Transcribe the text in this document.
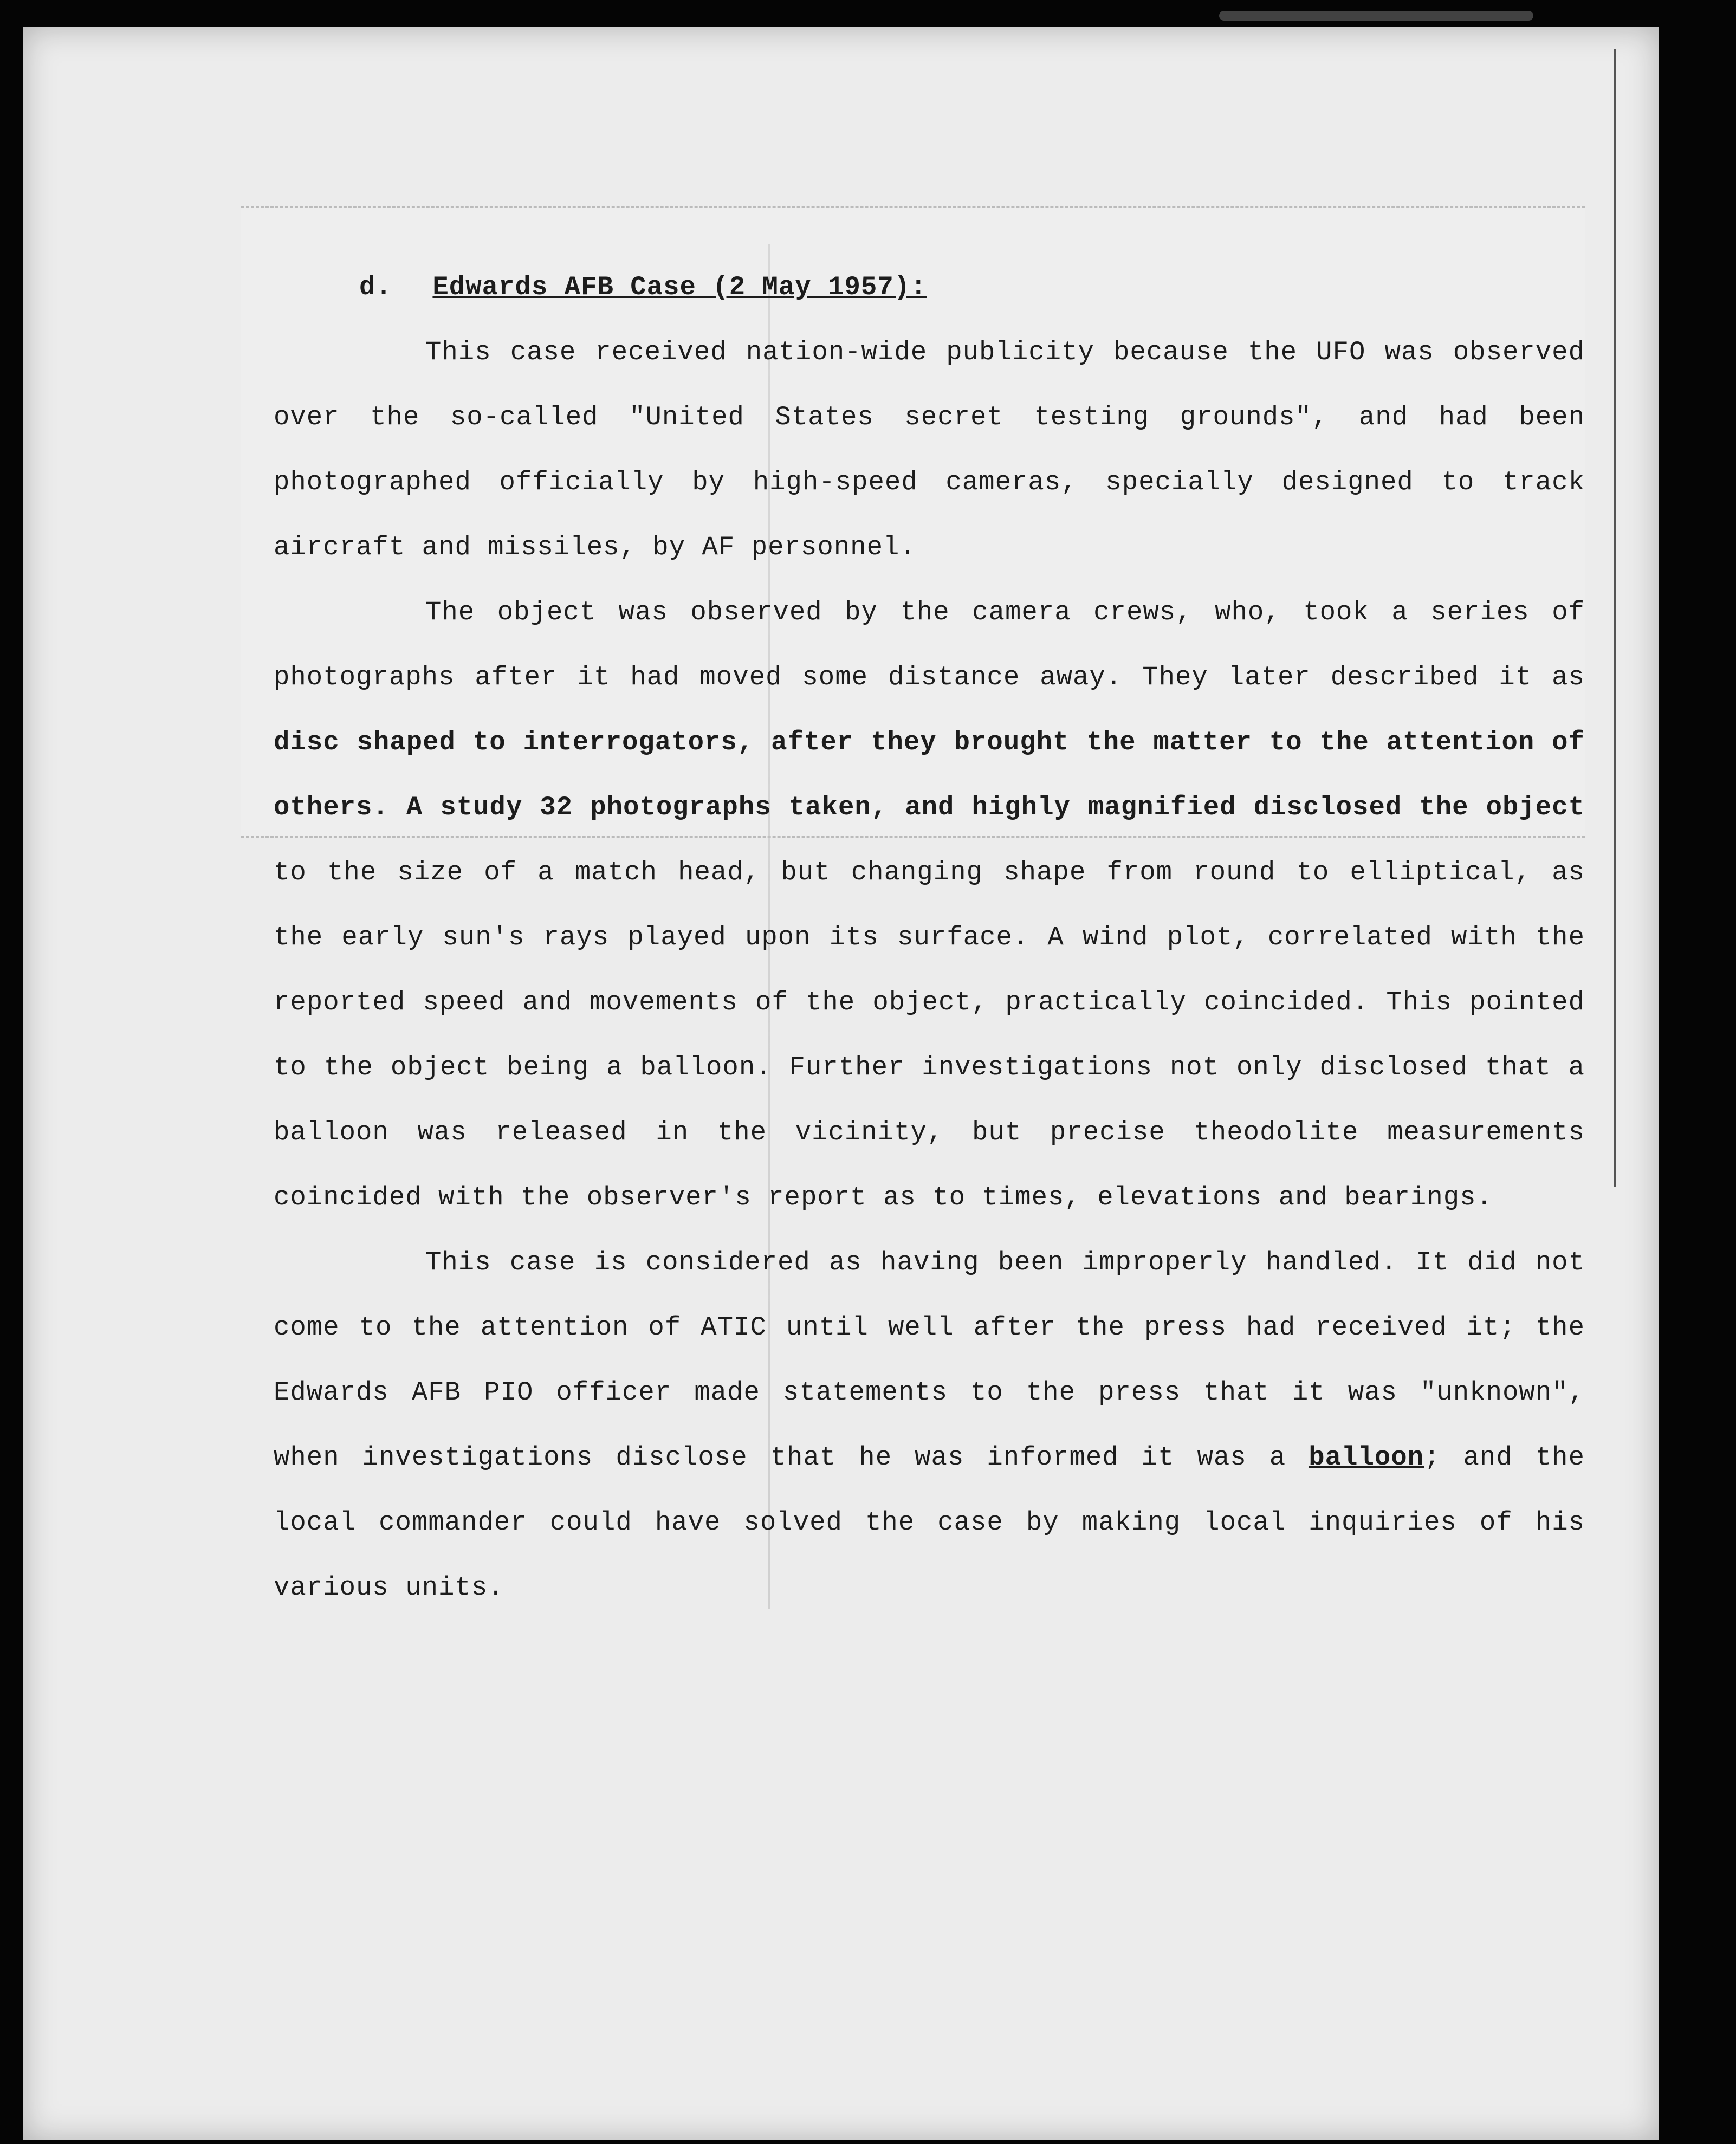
d. Edwards AFB Case (2 May 1957):

This case received nation-wide publicity because the UFO was observed over the so-called "United States secret testing grounds", and had been photographed officially by high-speed cameras, specially designed to track aircraft and missiles, by AF personnel.

The object was observed by the camera crews, who, took a series of photographs after it had moved some distance away. They later described it as disc shaped to interrogators, after they brought the matter to the attention of others. A study 32 photographs taken, and highly magnified disclosed the object to the size of a match head, but changing shape from round to elliptical, as the early sun's rays played upon its surface. A wind plot, correlated with the reported speed and movements of the object, practically coincided. This pointed to the object being a balloon. Further investigations not only disclosed that a balloon was released in the vicinity, but precise theodolite measurements coincided with the observer's report as to times, elevations and bearings.

This case is considered as having been improperly handled. It did not come to the attention of ATIC until well after the press had received it; the Edwards AFB PIO officer made statements to the press that it was "unknown", when investigations disclose that he was informed it was a balloon; and the local commander could have solved the case by making local inquiries of his various units.
